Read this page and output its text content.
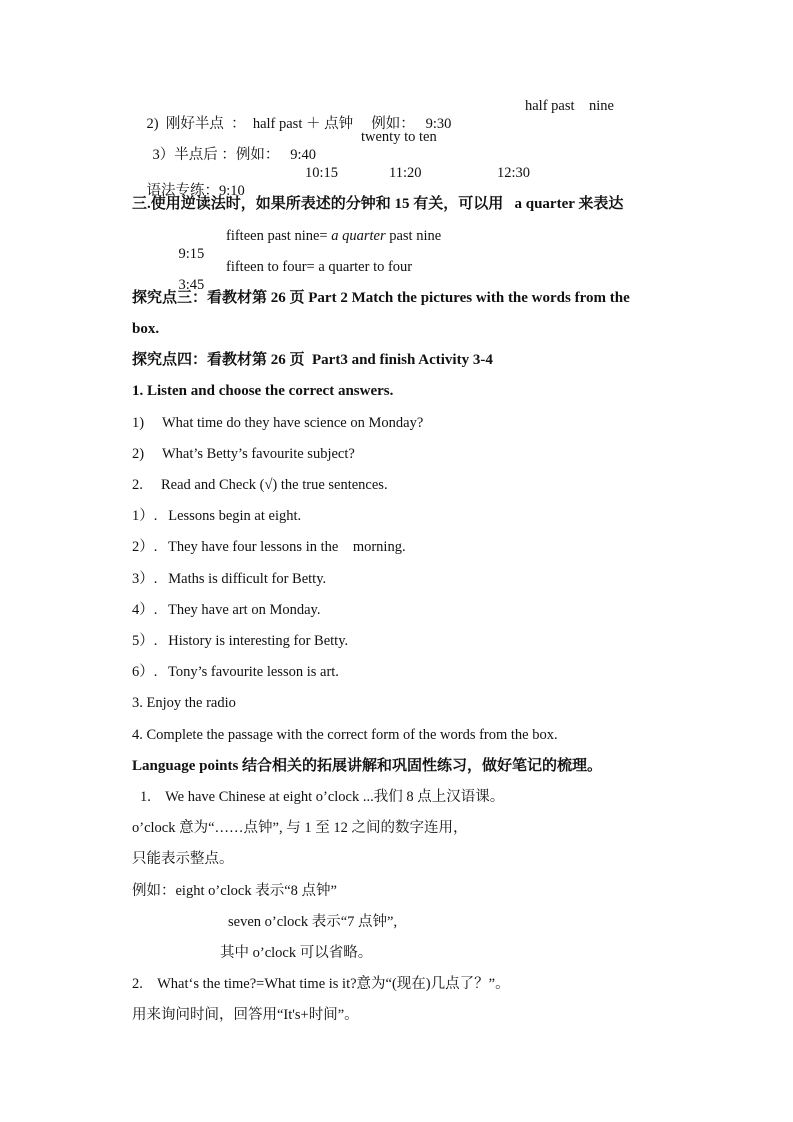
2)  刚好半点  ：  half past ＋ 点钟     例如：   9:30
half past    nine

3）半点后 ：例如：   9:40
twenty to ten

语法专练：9:10
10:15	11:20	12:30

三.使用逆读法时，如果所表述的分钟和 15 有关，可以用   a quarter 来表达

9:15
fifteen past nine= a quarter past nine

3:45
fifteen to four= a quarter to four

探究点三：看教材第 26 页 Part 2 Match the pictures with the words from the
box.
探究点四：看教材第 26 页  Part3 and finish Activity 3-4
1. Listen and choose the correct answers.
1)     What time do they have science on Monday?
2)     What’s Betty’s favourite subject?
2.     Read and Check (√) the true sentences.
1）.   Lessons begin at eight.
2）.   They have four lessons in the    morning.
3）.   Maths is difficult for Betty.
4）.   They have art on Monday.
5）.   History is interesting for Betty.
6）.   Tony’s favourite lesson is art.
3. Enjoy the radio
4. Complete the passage with the correct form of the words from the box.
Language points 结合相关的拓展讲解和巩固性练习，做好笔记的梳理。
1.    We have Chinese at eight o’clock ...我们 8 点上汉语课。
o’clock 意为“……点钟”, 与 1 至 12 之间的数字连用，
只能表示整点。
例如：eight o’clock 表示“8 点钟”
seven o’clock 表示“7 点钟”,
其中 o’clock 可以省略。
2.    What‘s the time?=What time is it?意为“(现在)几点了？”。
用来询问时间，回答用“It's+时间”。
